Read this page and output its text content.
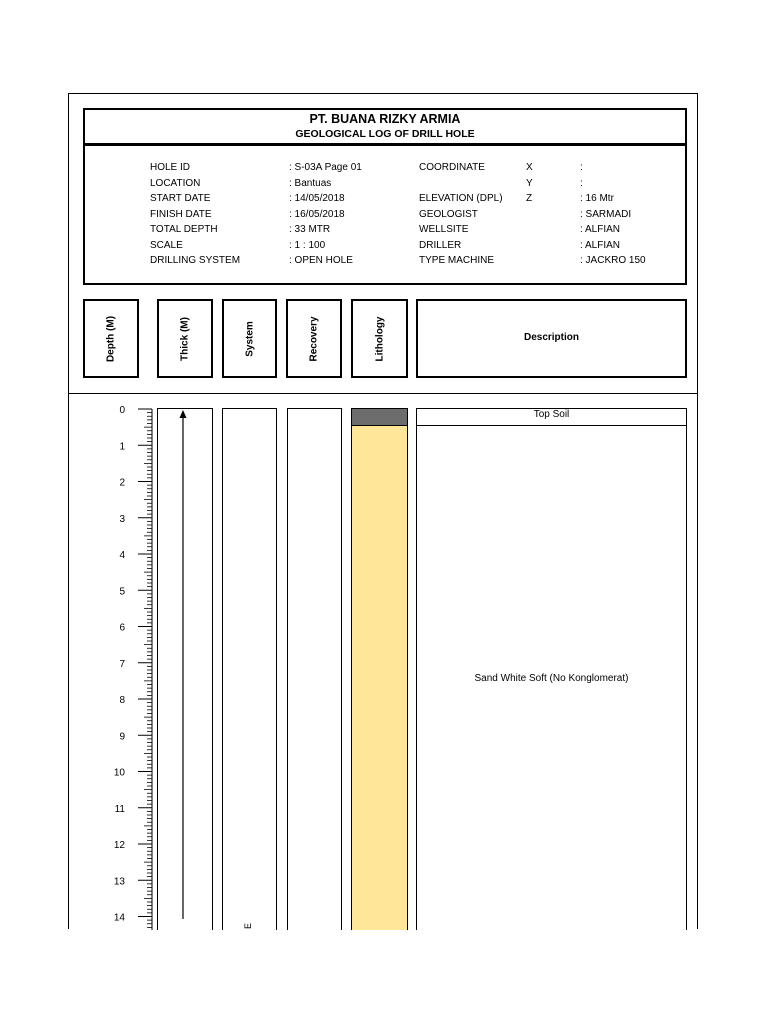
PT. BUANA RIZKY ARMIA
GEOLOGICAL LOG OF DRILL HOLE
HOLE ID	: S-03A Page 01
LOCATION	: Bantuas
START DATE	: 14/05/2018
FINISH DATE	: 16/05/2018
TOTAL DEPTH	: 33 MTR
SCALE	: 1 : 100
DRILLING SYSTEM	: OPEN HOLE
COORDINATE	X	:
Y	:
ELEVATION (DPL) Z	: 16 Mtr
GEOLOGIST	: SARMADI
WELLSITE	: ALFIAN
DRILLER	: ALFIAN
TYPE MACHINE	: JACKRO 150
Depth (M)	Thick (M)	System	Recovery	Lithology	Description
E
Top Soil
Sand White Soft (No Konglomerat)
0
1
2
3
4
5
6
7
8
9
10
11
12
13
14
